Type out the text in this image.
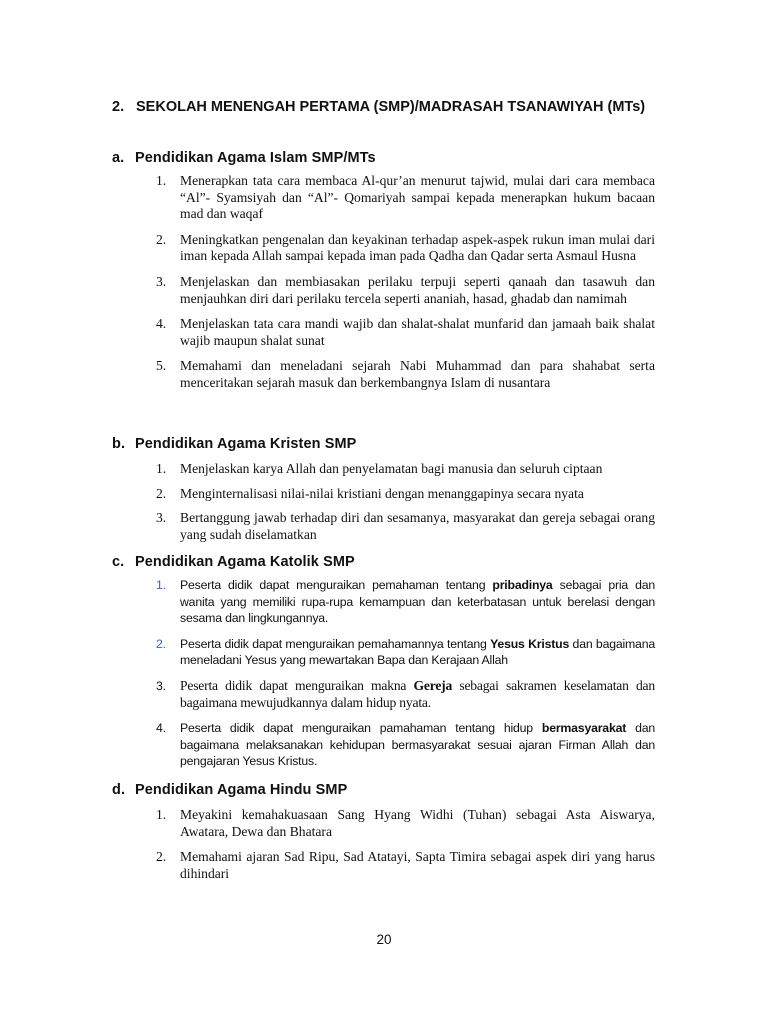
2. SEKOLAH MENENGAH PERTAMA (SMP)/MADRASAH TSANAWIYAH (MTs)
a. Pendidikan Agama Islam SMP/MTs
1. Menerapkan tata cara membaca Al-qur’an menurut tajwid, mulai dari cara membaca “Al”- Syamsiyah dan “Al”- Qomariyah sampai kepada menerapkan hukum bacaan mad dan waqaf
2. Meningkatkan pengenalan dan keyakinan terhadap aspek-aspek rukun iman mulai dari iman kepada Allah sampai kepada iman pada Qadha dan Qadar serta Asmaul Husna
3. Menjelaskan dan membiasakan perilaku terpuji seperti qanaah dan tasawuh dan menjauhkan diri dari perilaku tercela seperti ananiah, hasad, ghadab dan namimah
4. Menjelaskan tata cara mandi wajib dan shalat-shalat munfarid dan jamaah baik shalat wajib maupun shalat sunat
5. Memahami dan meneladani sejarah Nabi Muhammad dan para shahabat serta menceritakan sejarah masuk dan berkembangnya Islam di nusantara
b. Pendidikan Agama Kristen SMP
1. Menjelaskan karya Allah dan penyelamatan bagi manusia dan seluruh ciptaan
2. Menginternalisasi nilai-nilai kristiani dengan menanggapinya secara nyata
3. Bertanggung jawab terhadap diri dan sesamanya, masyarakat dan gereja sebagai orang yang sudah diselamatkan
c. Pendidikan Agama Katolik SMP
1. Peserta didik dapat menguraikan pemahaman tentang pribadinya sebagai pria dan wanita yang memiliki rupa-rupa kemampuan dan keterbatasan untuk berelasi dengan sesama dan lingkungannya.
2. Peserta didik dapat menguraikan pemahamannya tentang Yesus Kristus dan bagaimana meneladani Yesus yang mewartakan Bapa dan Kerajaan Allah
3. Peserta didik dapat menguraikan makna Gereja sebagai sakramen keselamatan dan bagaimana mewujudkannya dalam hidup nyata.
4. Peserta didik dapat menguraikan pamahaman tentang hidup bermasyarakat dan bagaimana melaksanakan kehidupan bermasyarakat sesuai ajaran Firman Allah dan pengajaran Yesus Kristus.
d. Pendidikan Agama Hindu SMP
1. Meyakini kemahakuasaan Sang Hyang Widhi (Tuhan) sebagai Asta Aiswarya, Awatara, Dewa dan Bhatara
2. Memahami ajaran Sad Ripu, Sad Atatayi, Sapta Timira sebagai aspek diri yang harus dihindari
20
